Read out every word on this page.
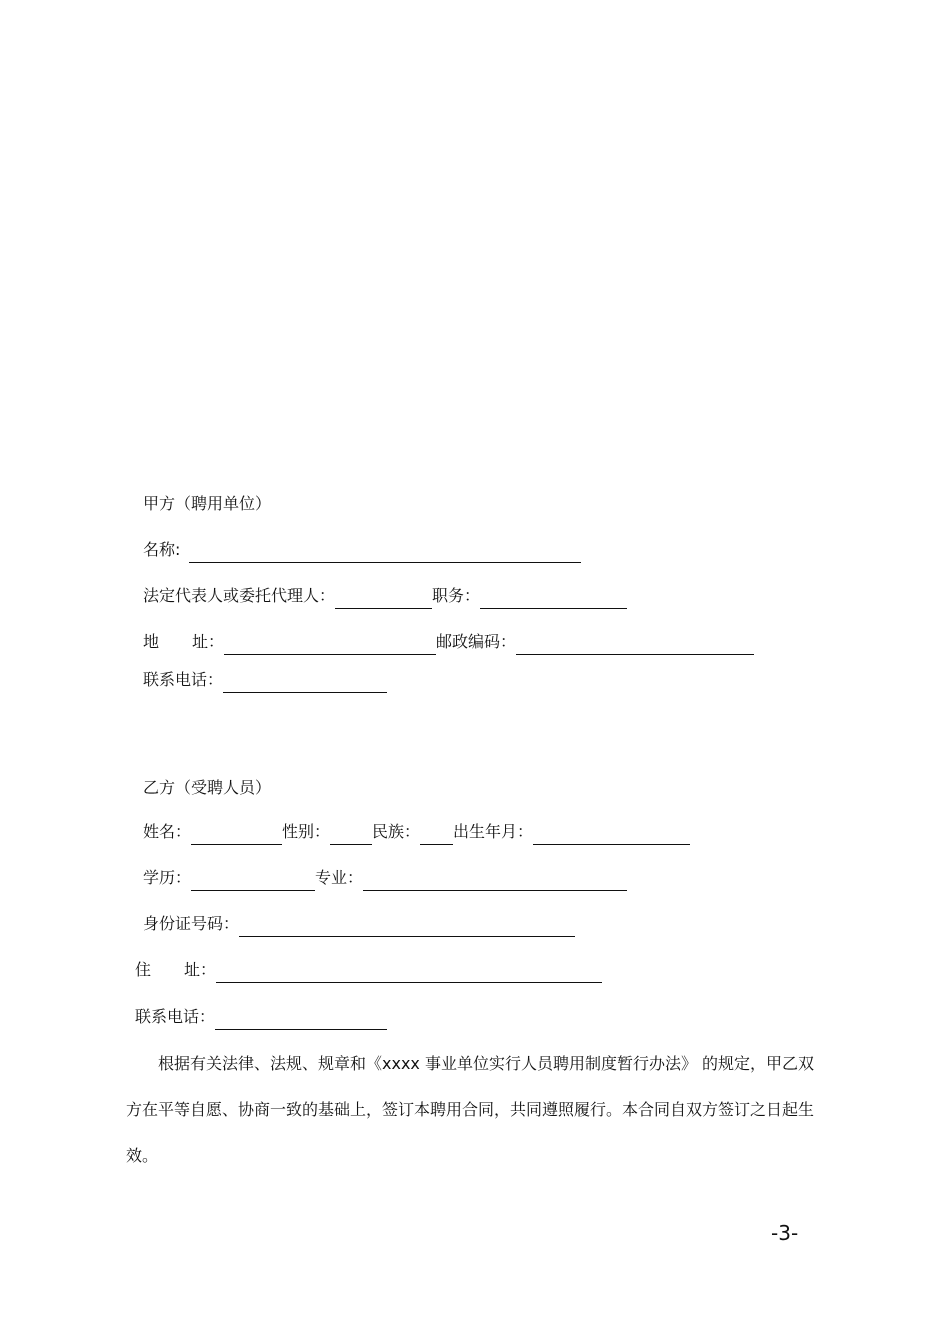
甲方（聘用单位）
名称:
法定代表人或委托代理人：	职务：
地 址：	邮政编码：
联系电话：
乙方（受聘人员）
姓名：	性别：	民族： 出生年月：
学历：	专业：
身份证号码：
住 址：
联系电话：

根据有关法律、法规、规章和《xxxx 事业单位实行人员聘用制度暂行办法》 的规定，甲乙双方在平等自愿、协商一致的基础上，签订本聘用合同，共同遵照履行。本合同自双方签订之日起生效。

-3-
